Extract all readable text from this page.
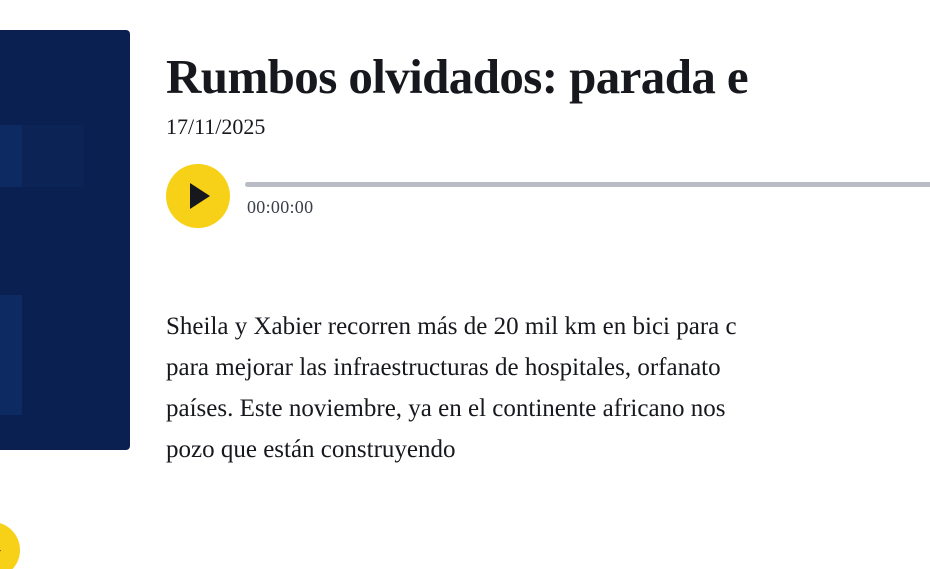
Rumbos olvidados: parada e
17/11/2025
00:00:00
Sheila y Xabier recorren más de 20 mil km en bici para c
para mejorar las infraestructuras de hospitales, orfanato
países. Este noviembre, ya en el continente africano nos
pozo que están construyendo
